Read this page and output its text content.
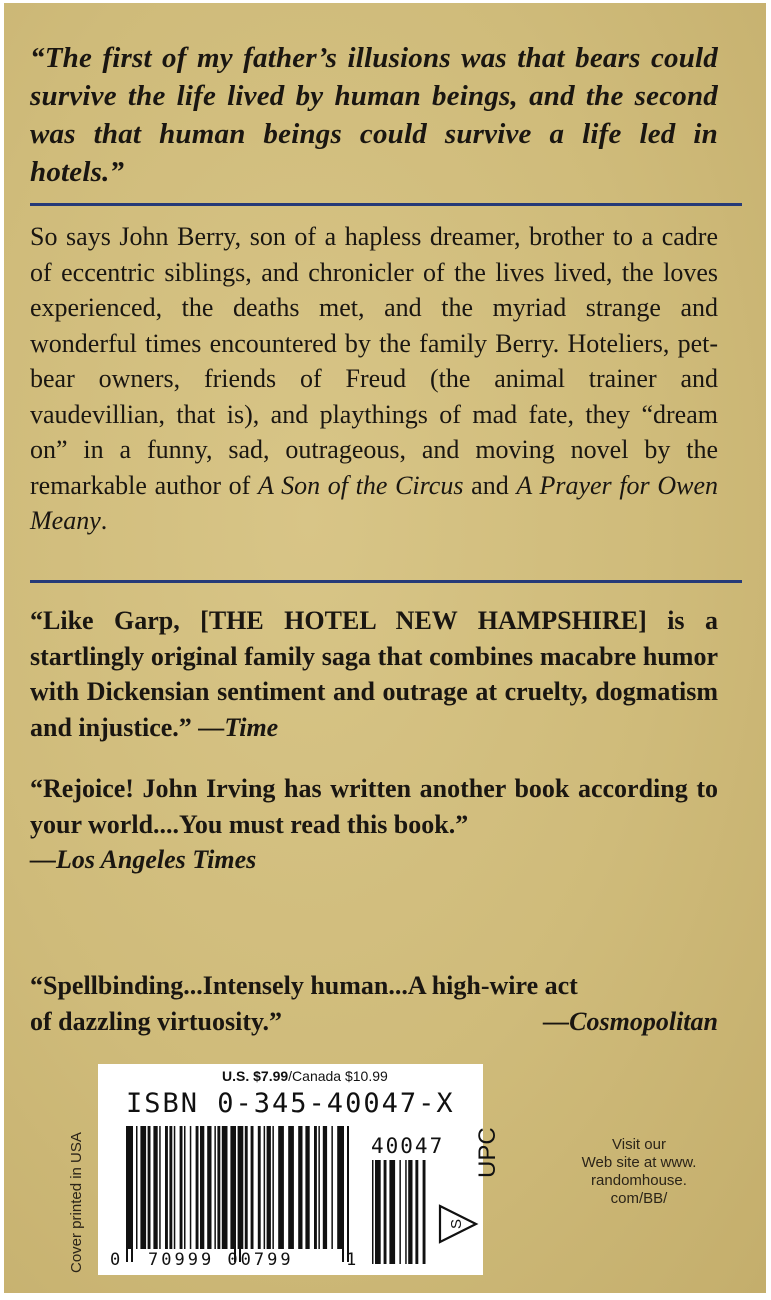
“The first of my father’s illusions was that bears could survive the life lived by human beings, and the second was that human beings could survive a life led in hotels.”
So says John Berry, son of a hapless dreamer, brother to a cadre of eccentric siblings, and chronicler of the lives lived, the loves experienced, the deaths met, and the myriad strange and wonderful times encountered by the family Berry. Hoteliers, pet-bear owners, friends of Freud (the animal trainer and vaudevillian, that is), and playthings of mad fate, they “dream on” in a funny, sad, outrageous, and moving novel by the remarkable author of A Son of the Circus and A Prayer for Owen Meany.
“Like Garp, [THE HOTEL NEW HAMPSHIRE] is a startlingly original family saga that combines macabre humor with Dickensian sentiment and outrage at cruelty, dogmatism and injustice.” —Time
“Rejoice! John Irving has written another book according to your world....You must read this book.”
—Los Angeles Times
“Spellbinding...Intensely human...A high-wire act
of dazzling virtuosity.”	—Cosmopolitan
Cover printed in USA
U.S. $7.99/Canada $10.99
ISBN 0-345-40047-X
40047
0 70999 00799	1
UPC
S
Visit our
Web site at www.
randomhouse.
com/BB/
